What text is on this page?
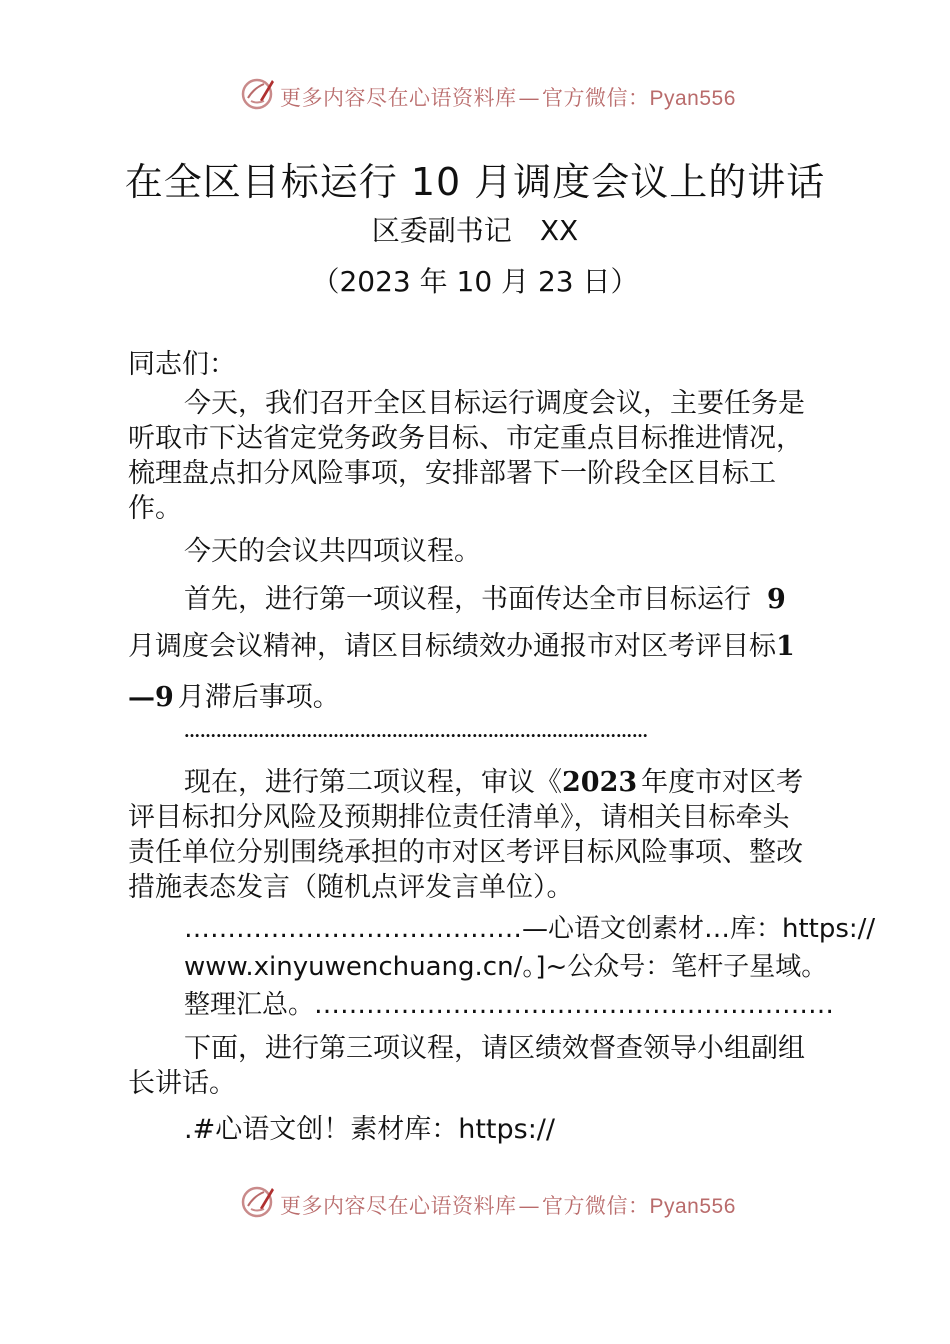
更多内容尽在心语资料库—官方微信：Pyan556
在全区目标运行 10 月调度会议上的讲话
区委副书记 XX
（2023 年 10 月 23 日）
同志们：
今天，我们召开全区目标运行调度会议，主要任务是
听取市下达省定党务政务目标、市定重点目标推进情况，
梳理盘点扣分风险事项，安排部署下一阶段全区目标工
作。
今天的会议共四项议程。
首先，进行第一项议程，书面传达全市目标运行 9
月调度会议精神，请区目标绩效办通报市对区考评目标1
—9 月滞后事项。
……………………………………………………………………………
现在，进行第二项议程，审议《2023 年度市对区考
评目标扣分风险及预期排位责任清单》，请相关目标牵头
责任单位分别围绕承担的市对区考评目标风险事项、整改
措施表态发言（随机点评发言单位）。
…………………………………—心语文创素材…库：https://
www.xinyuwenchuang.cn/。]~公众号：笔杆子星域。
整理汇总。……………………………………………………
下面，进行第三项议程，请区绩效督查领导小组副组
长讲话。
.#心语文创！素材库：https://
更多内容尽在心语资料库—官方微信：Pyan556
